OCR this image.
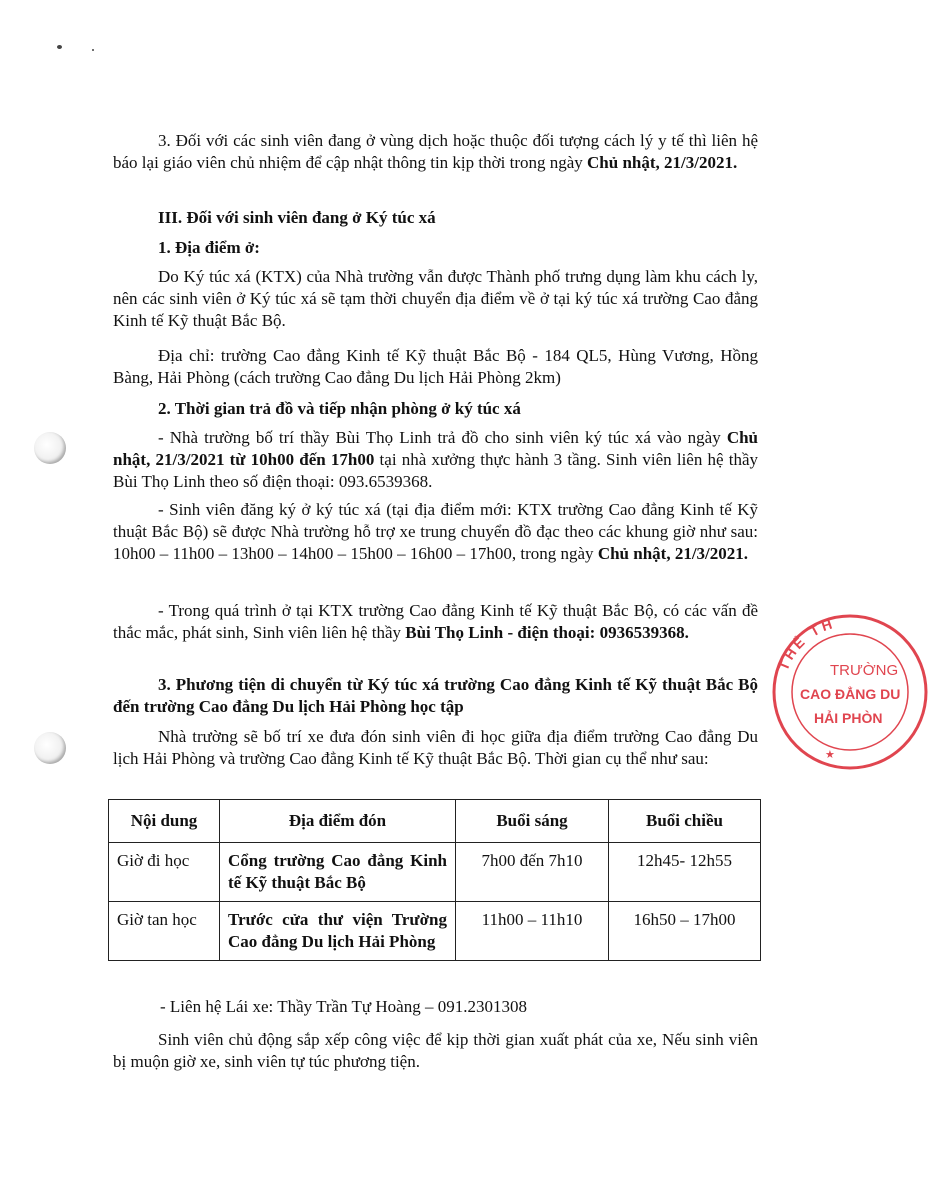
3. Đối với các sinh viên đang ở vùng dịch hoặc thuộc đối tượng cách lý y tế thì liên hệ báo lại giáo viên chủ nhiệm để cập nhật thông tin kịp thời trong ngày Chủ nhật, 21/3/2021.

III. Đối với sinh viên đang ở Ký túc xá

1. Địa điểm ở:

Do Ký túc xá (KTX) của Nhà trường vẫn được Thành phố trưng dụng làm khu cách ly, nên các sinh viên ở Ký túc xá sẽ tạm thời chuyển địa điểm về ở tại ký túc xá trường Cao đẳng Kinh tế Kỹ thuật Bắc Bộ.

Địa chỉ: trường Cao đẳng Kinh tế Kỹ thuật Bắc Bộ - 184 QL5, Hùng Vương, Hồng Bàng, Hải Phòng (cách trường Cao đẳng Du lịch Hải Phòng 2km)

2. Thời gian trả đồ và tiếp nhận phòng ở ký túc xá

- Nhà trường bố trí thầy Bùi Thọ Linh trả đồ cho sinh viên ký túc xá vào ngày Chủ nhật, 21/3/2021 từ 10h00 đến 17h00 tại nhà xưởng thực hành 3 tầng. Sinh viên liên hệ thầy Bùi Thọ Linh theo số điện thoại: 093.6539368.

- Sinh viên đăng ký ở ký túc xá (tại địa điểm mới: KTX trường Cao đẳng Kinh tế Kỹ thuật Bắc Bộ) sẽ được Nhà trường hỗ trợ xe trung chuyển đồ đạc theo các khung giờ như sau: 10h00 – 11h00 – 13h00 – 14h00 – 15h00 – 16h00 – 17h00, trong ngày Chủ nhật, 21/3/2021.

- Trong quá trình ở tại KTX trường Cao đẳng Kinh tế Kỹ thuật Bắc Bộ, có các vấn đề thắc mắc, phát sinh, Sinh viên liên hệ thầy Bùi Thọ Linh - điện thoại: 0936539368.

3. Phương tiện di chuyển từ Ký túc xá trường Cao đẳng Kinh tế Kỹ thuật Bắc Bộ đến trường Cao đẳng Du lịch Hải Phòng học tập

Nhà trường sẽ bố trí xe đưa đón sinh viên đi học giữa địa điểm trường Cao đẳng Du lịch Hải Phòng và trường Cao đẳng Kinh tế Kỹ thuật Bắc Bộ. Thời gian cụ thể như sau:

Nội dung	Địa điểm đón	Buổi sáng	Buổi chiều
Giờ đi học	Cổng trường Cao đẳng Kinh tế Kỹ thuật Bắc Bộ	7h00 đến 7h10	12h45- 12h55
Giờ tan học	Trước cửa thư viện Trường Cao đẳng Du lịch Hải Phòng	11h00 – 11h10	16h50 – 17h00

- Liên hệ Lái xe: Thầy Trần Tự Hoàng – 091.2301308

Sinh viên chủ động sắp xếp công việc để kịp thời gian xuất phát của xe, Nếu sinh viên bị muộn giờ xe, sinh viên tự túc phương tiện.

THỂ TH
TRƯỜNG
CAO ĐẲNG DU
HẢI PHÒN
★
